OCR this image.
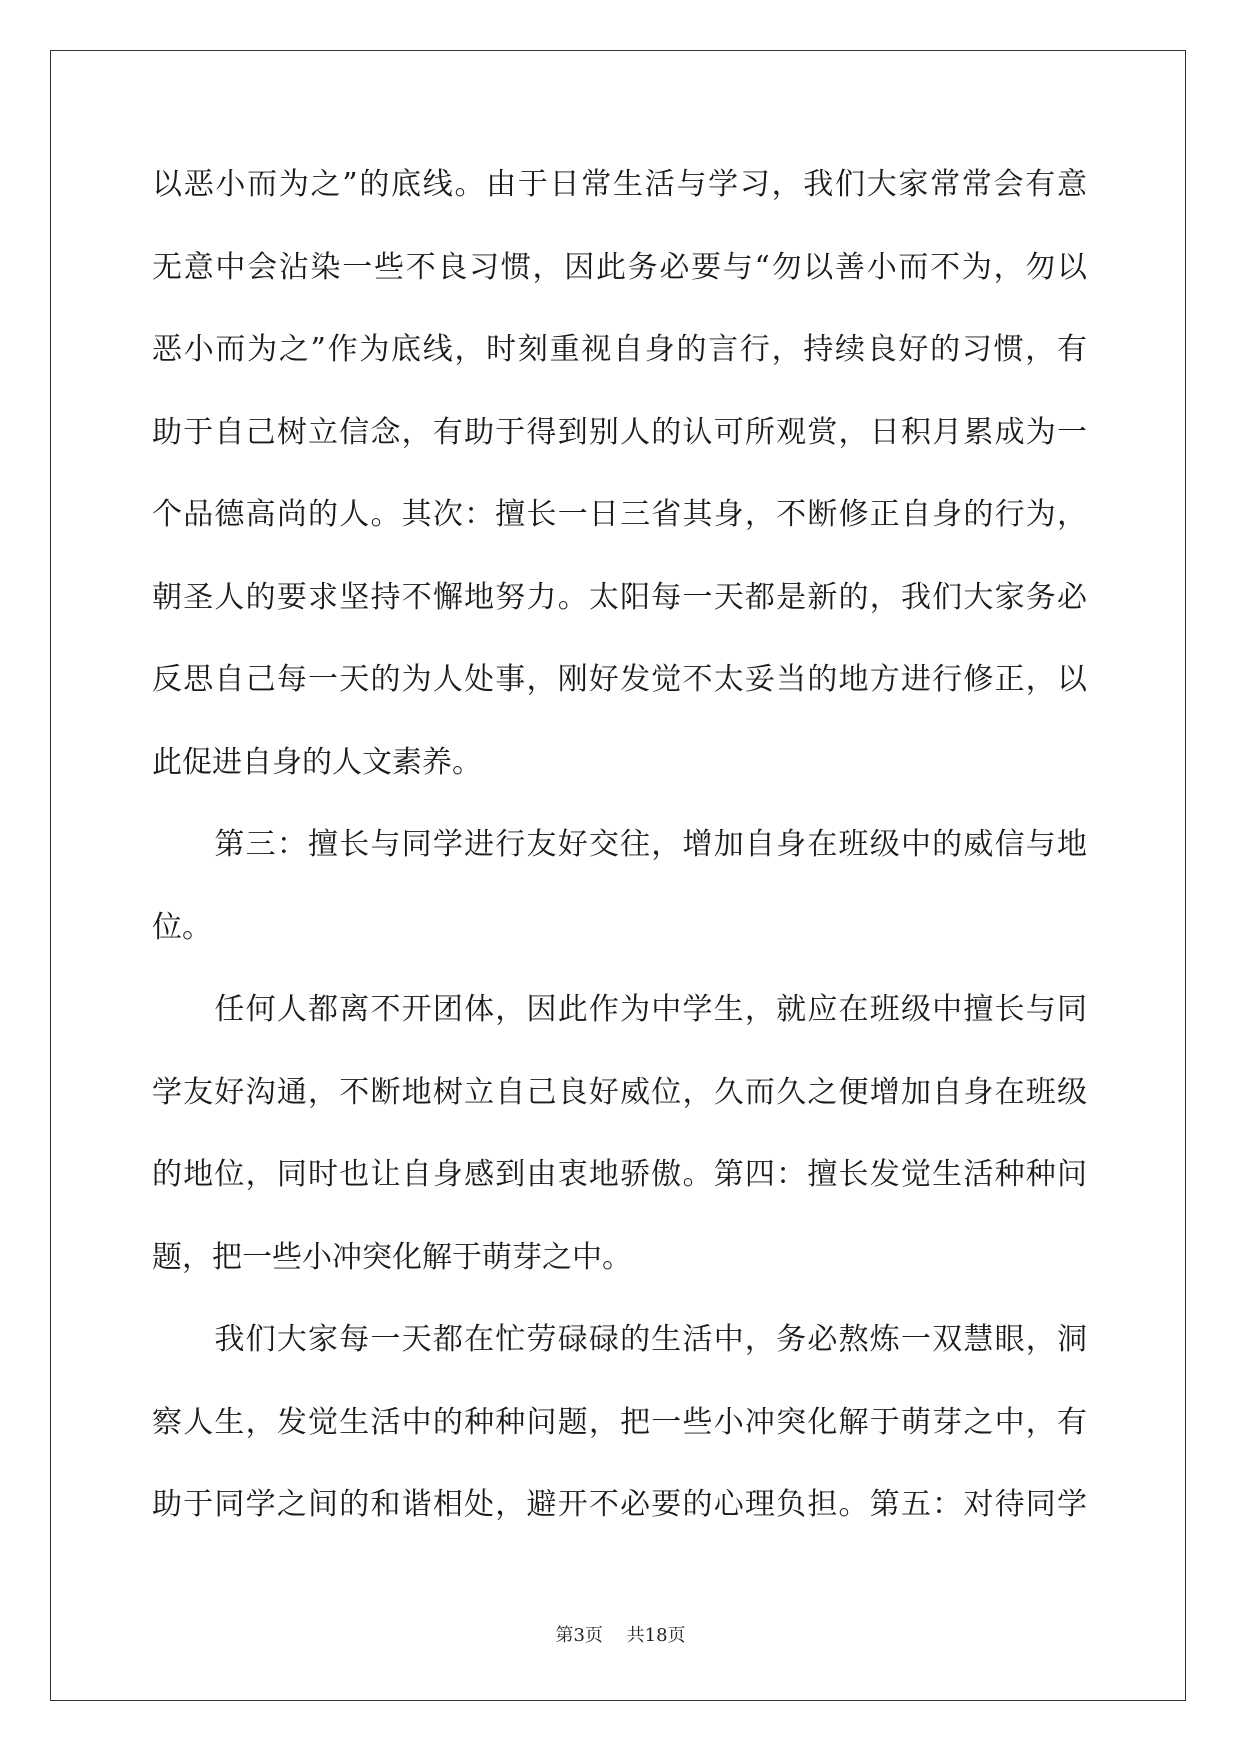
以恶小而为之”的底线。由于日常生活与学习，我们大家常常会有意
无意中会沾染一些不良习惯，因此务必要与“勿以善小而不为，勿以
恶小而为之”作为底线，时刻重视自身的言行，持续良好的习惯，有
助于自己树立信念，有助于得到别人的认可所观赏，日积月累成为一
个品德高尚的人。其次：擅长一日三省其身，不断修正自身的行为，
朝圣人的要求坚持不懈地努力。太阳每一天都是新的，我们大家务必
反思自己每一天的为人处事，刚好发觉不太妥当的地方进行修正，以
此促进自身的人文素养。
　　第三：擅长与同学进行友好交往，增加自身在班级中的威信与地
位。
　　任何人都离不开团体，因此作为中学生，就应在班级中擅长与同
学友好沟通，不断地树立自己良好威位，久而久之便增加自身在班级
的地位，同时也让自身感到由衷地骄傲。第四：擅长发觉生活种种问
题，把一些小冲突化解于萌芽之中。
　　我们大家每一天都在忙劳碌碌的生活中，务必熬炼一双慧眼，洞
察人生，发觉生活中的种种问题，把一些小冲突化解于萌芽之中，有
助于同学之间的和谐相处，避开不必要的心理负担。第五：对待同学
第3页 共18页
